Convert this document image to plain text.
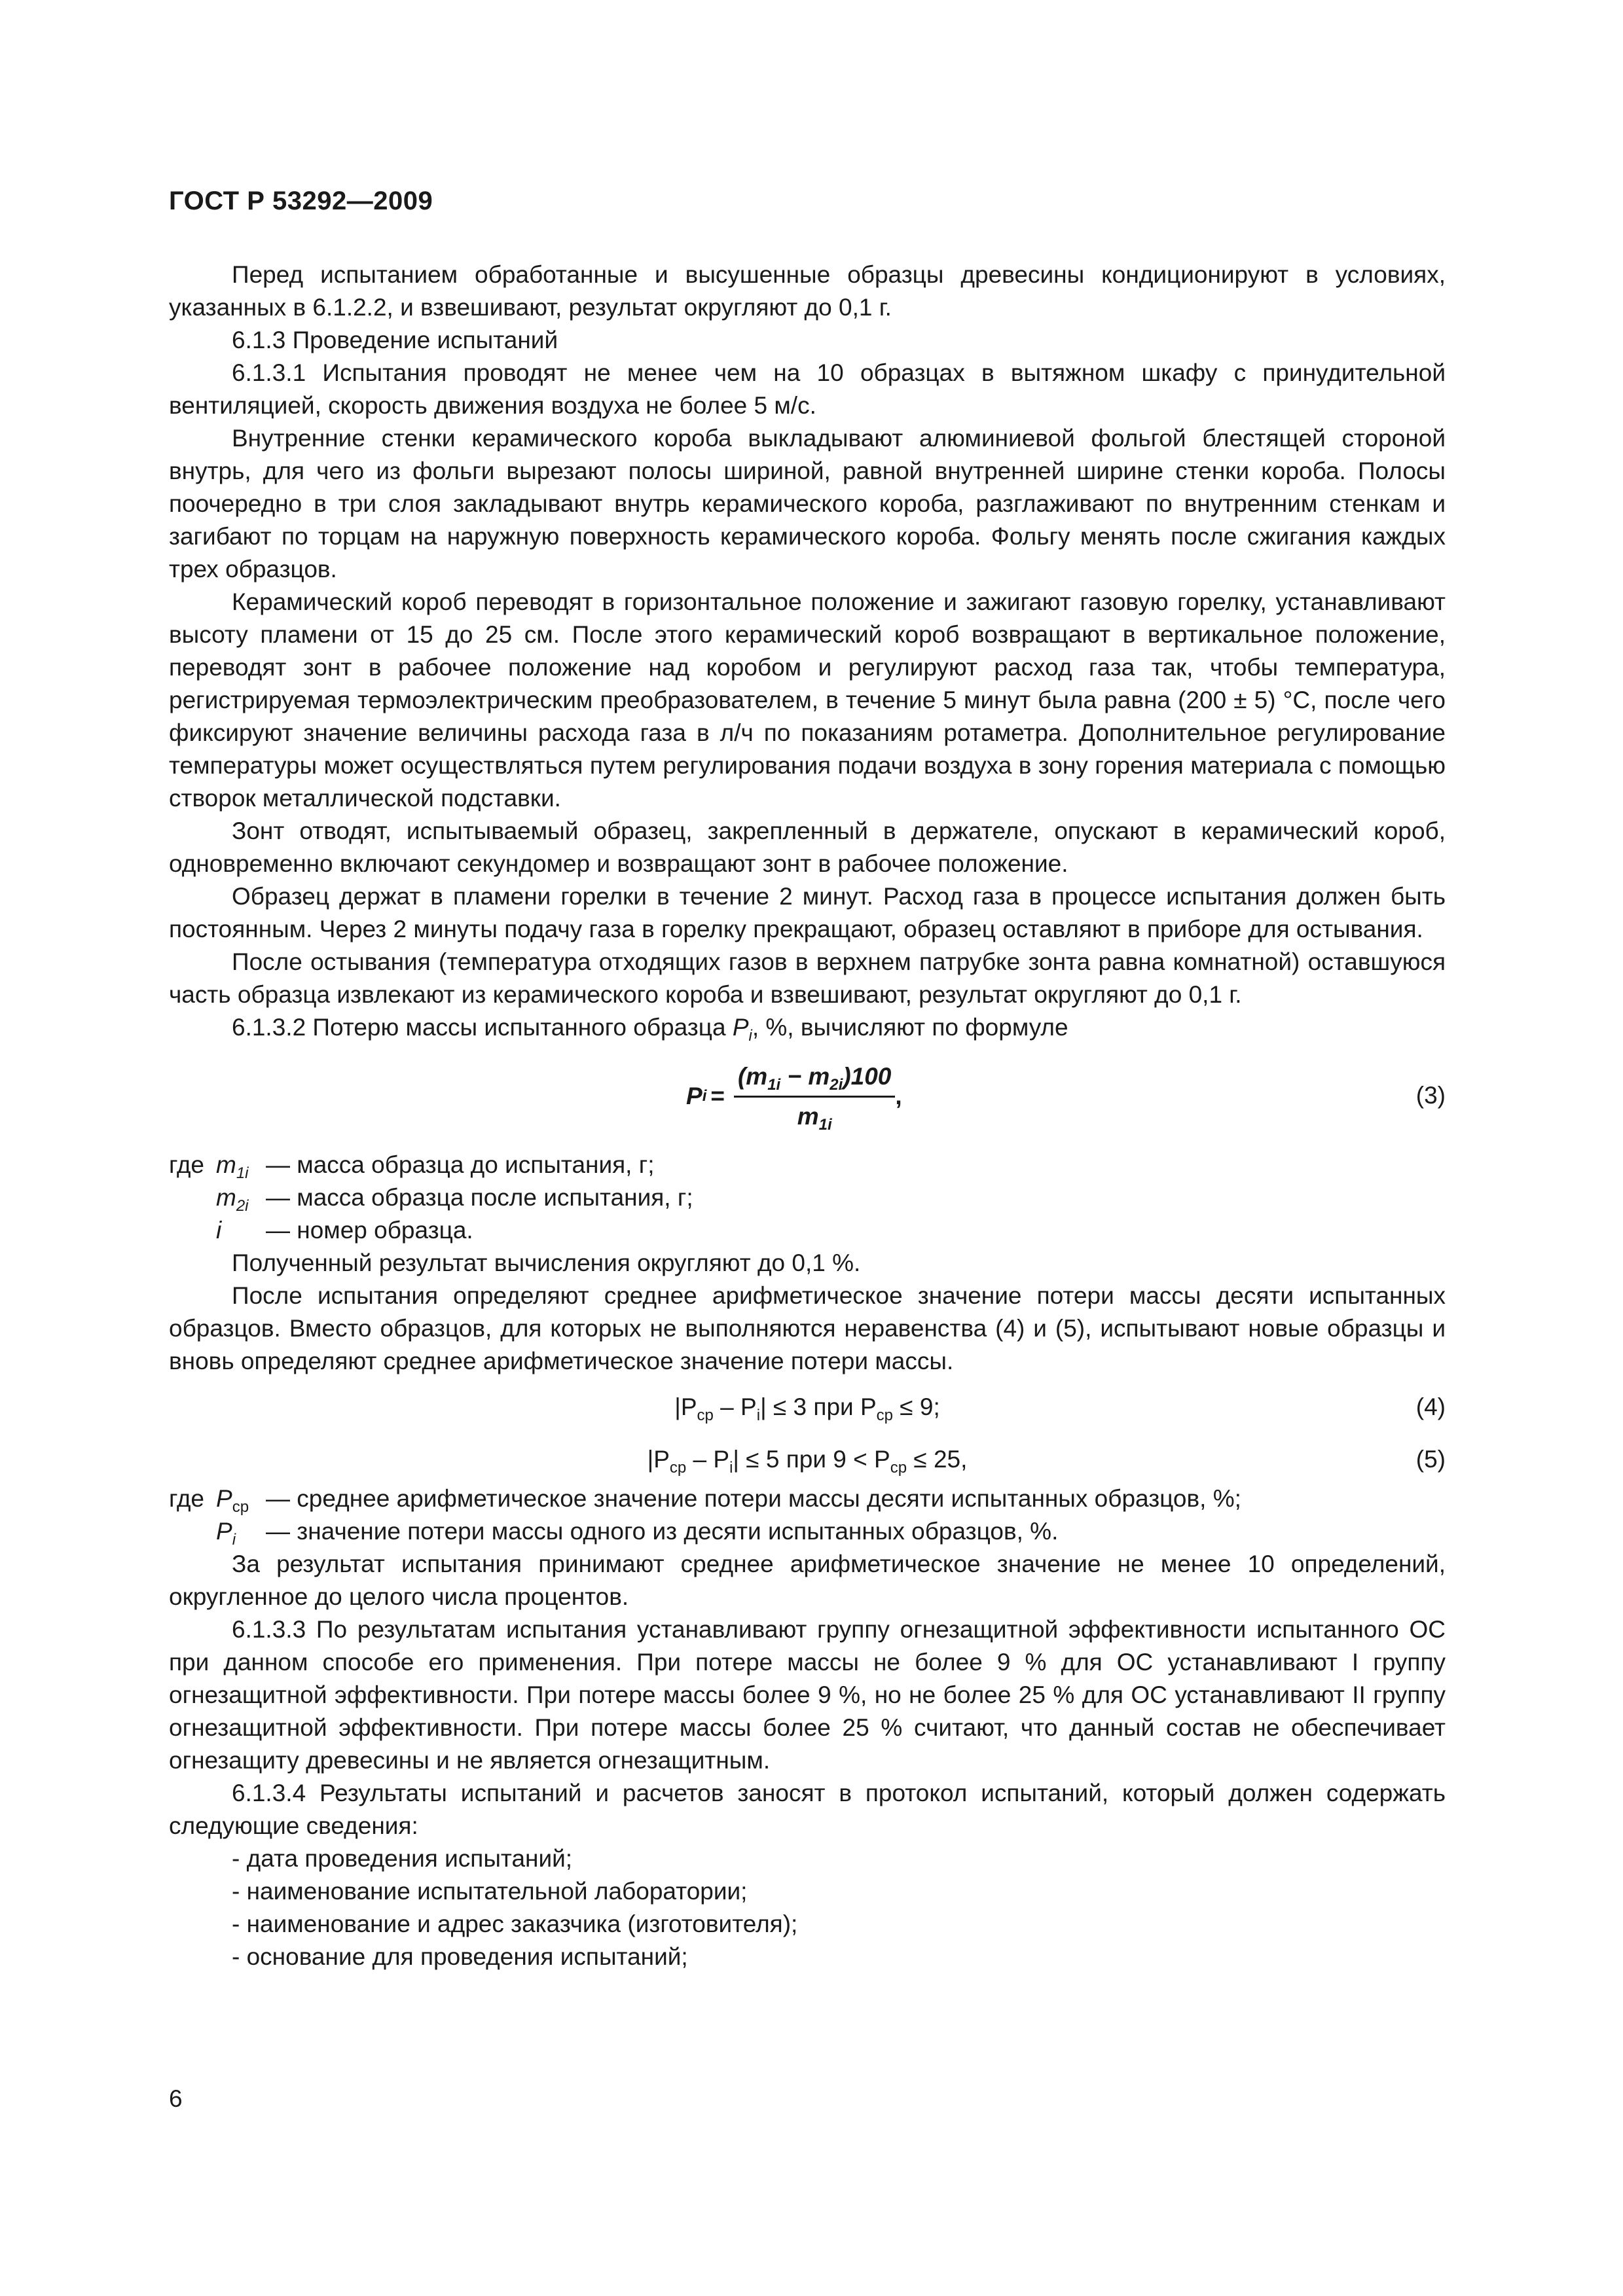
ГОСТ Р 53292—2009

Перед испытанием обработанные и высушенные образцы древесины кондиционируют в условиях, указанных в 6.1.2.2, и взвешивают, результат округляют до 0,1 г.

6.1.3 Проведение испытаний

6.1.3.1 Испытания проводят не менее чем на 10 образцах в вытяжном шкафу с принудительной вентиляцией, скорость движения воздуха не более 5 м/с.

Внутренние стенки керамического короба выкладывают алюминиевой фольгой блестящей стороной внутрь, для чего из фольги вырезают полосы шириной, равной внутренней ширине стенки короба. Полосы поочередно в три слоя закладывают внутрь керамического короба, разглаживают по внутренним стенкам и загибают по торцам на наружную поверхность керамического короба. Фольгу менять после сжигания каждых трех образцов.

Керамический короб переводят в горизонтальное положение и зажигают газовую горелку, устанавливают высоту пламени от 15 до 25 см. После этого керамический короб возвращают в вертикальное положение, переводят зонт в рабочее положение над коробом и регулируют расход газа так, чтобы температура, регистрируемая термоэлектрическим преобразователем, в течение 5 минут была равна (200 ± 5) °С, после чего фиксируют значение величины расхода газа в л/ч по показаниям ротаметра. Дополнительное регулирование температуры может осуществляться путем регулирования подачи воздуха в зону горения материала с помощью створок металлической подставки.

Зонт отводят, испытываемый образец, закрепленный в держателе, опускают в керамический короб, одновременно включают секундомер и возвращают зонт в рабочее положение.

Образец держат в пламени горелки в течение 2 минут. Расход газа в процессе испытания должен быть постоянным. Через 2 минуты подачу газа в горелку прекращают, образец оставляют в приборе для остывания.

После остывания (температура отходящих газов в верхнем патрубке зонта равна комнатной) оставшуюся часть образца извлекают из керамического короба и взвешивают, результат округляют до 0,1 г.

6.1.3.2 Потерю массы испытанного образца $P_i$, %, вычисляют по формуле

P $i = \frac{(m_{1i} - m_{2i})100}{m_{1i}}$ ,	(3)
где $m_{1i}$ — масса образца до испытания, г;
$m_{2i}$ — масса образца после испытания, г;
i — номер образца.

Полученный результат вычисления округляют до 0,1 %.

После испытания определяют среднее арифметическое значение потери массы десяти испытанных образцов. Вместо образцов, для которых не выполняются неравенства (4) и (5), испытывают новые образцы и вновь определяют среднее арифметическое значение потери массы.

$|P_{ср} - P_i| \le 3$ при $P_{ср} \le 9$;	(4)
$|P_{ср} - P_i| \le 5$ при $9 < P_{ср} \le 25$,	(5)
где $P_{ср}$ — среднее арифметическое значение потери массы десяти испытанных образцов, %;
$P_i$ — значение потери массы одного из десяти испытанных образцов, %.

За результат испытания принимают среднее арифметическое значение не менее 10 определений, округленное до целого числа процентов.

6.1.3.3 По результатам испытания устанавливают группу огнезащитной эффективности испытанного ОС при данном способе его применения. При потере массы не более 9 % для ОС устанавливают I группу огнезащитной эффективности. При потере массы более 9 %, но не более 25 % для ОС устанавливают II группу огнезащитной эффективности. При потере массы более 25 % считают, что данный состав не обеспечивает огнезащиту древесины и не является огнезащитным.

6.1.3.4 Результаты испытаний и расчетов заносят в протокол испытаний, который должен содержать следующие сведения:

- дата проведения испытаний;

- наименование испытательной лаборатории;

- наименование и адрес заказчика (изготовителя);

- основание для проведения испытаний;

6
